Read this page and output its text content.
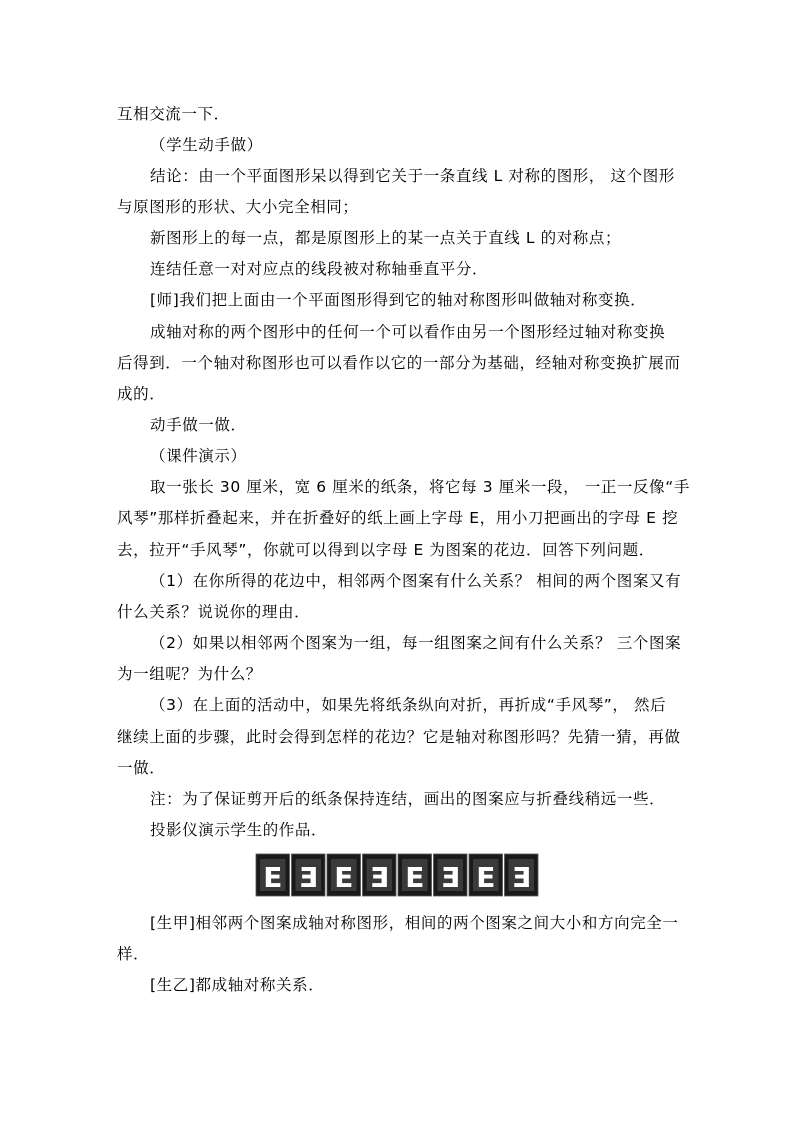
互相交流一下．
（学生动手做）
结论：由一个平面图形呆以得到它关于一条直线 L 对称的图形， 这个图形
与原图形的形状、大小完全相同；
新图形上的每一点，都是原图形上的某一点关于直线 L 的对称点；
连结任意一对对应点的线段被对称轴垂直平分．
[师]我们把上面由一个平面图形得到它的轴对称图形叫做轴对称变换．
成轴对称的两个图形中的任何一个可以看作由另一个图形经过轴对称变换
后得到．一个轴对称图形也可以看作以它的一部分为基础，经轴对称变换扩展而
成的．
动手做一做．
（课件演示）
取一张长 30 厘米，宽 6 厘米的纸条，将它每 3 厘米一段， 一正一反像“手
风琴”那样折叠起来，并在折叠好的纸上画上字母 E，用小刀把画出的字母 E 挖
去，拉开“手风琴”，你就可以得到以字母 E 为图案的花边．回答下列问题．
（1）在你所得的花边中，相邻两个图案有什么关系？ 相间的两个图案又有
什么关系？说说你的理由．
（2）如果以相邻两个图案为一组，每一组图案之间有什么关系？ 三个图案
为一组呢？为什么？
（3）在上面的活动中，如果先将纸条纵向对折，再折成“手风琴”， 然后
继续上面的步骤，此时会得到怎样的花边？它是轴对称图形吗？先猜一猜，再做
一做．
注：为了保证剪开后的纸条保持连结，画出的图案应与折叠线稍远一些．
投影仪演示学生的作品．
E Ǝ E Ǝ E Ǝ E Ǝ
[生甲]相邻两个图案成轴对称图形，相间的两个图案之间大小和方向完全一
样．
[生乙]都成轴对称关系．
